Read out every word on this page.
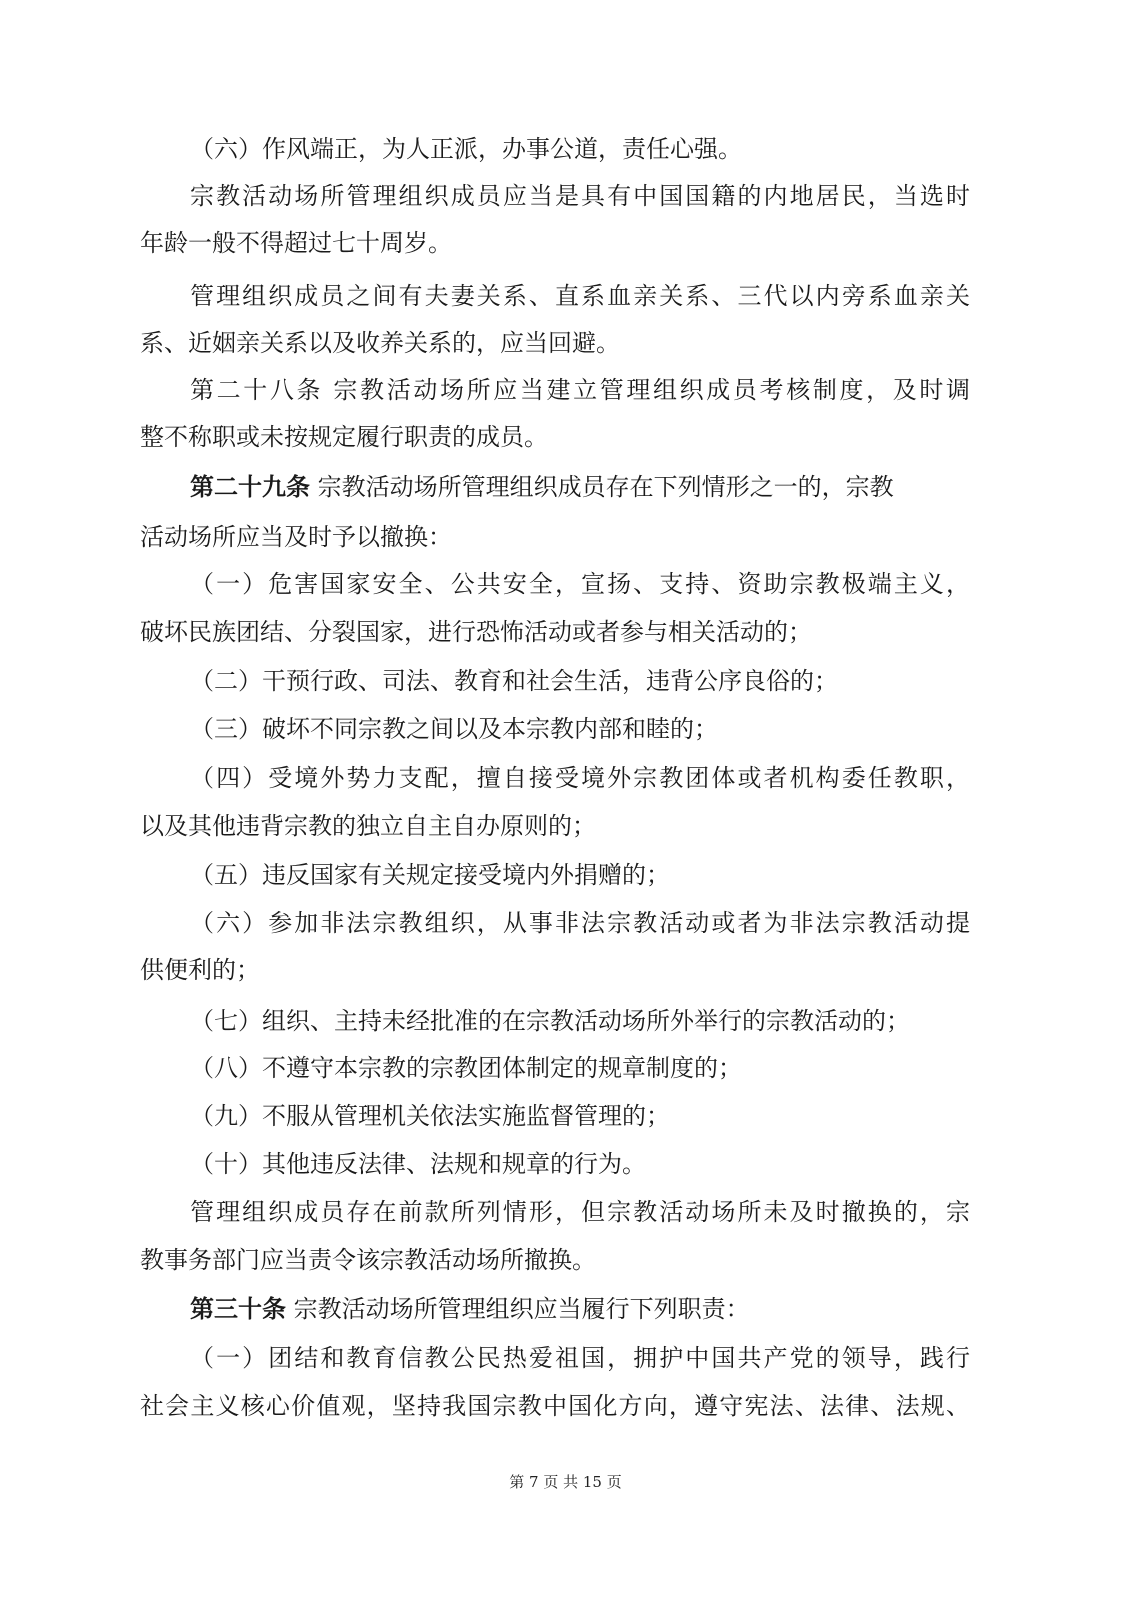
（六）作风端正，为人正派，办事公道，责任心强。
宗教活动场所管理组织成员应当是具有中国国籍的内地居民，当选时
年龄一般不得超过七十周岁。
管理组织成员之间有夫妻关系、直系血亲关系、三代以内旁系血亲关
系、近姻亲关系以及收养关系的，应当回避。
第二十八条 宗教活动场所应当建立管理组织成员考核制度，及时调
整不称职或未按规定履行职责的成员。
第二十九条 宗教活动场所管理组织成员存在下列情形之一的，宗教
活动场所应当及时予以撤换：
（一）危害国家安全、公共安全，宣扬、支持、资助宗教极端主义，
破坏民族团结、分裂国家，进行恐怖活动或者参与相关活动的；
（二）干预行政、司法、教育和社会生活，违背公序良俗的；
（三）破坏不同宗教之间以及本宗教内部和睦的；
（四）受境外势力支配，擅自接受境外宗教团体或者机构委任教职，
以及其他违背宗教的独立自主自办原则的；
（五）违反国家有关规定接受境内外捐赠的；
（六）参加非法宗教组织，从事非法宗教活动或者为非法宗教活动提
供便利的；
（七）组织、主持未经批准的在宗教活动场所外举行的宗教活动的；
（八）不遵守本宗教的宗教团体制定的规章制度的；
（九）不服从管理机关依法实施监督管理的；
（十）其他违反法律、法规和规章的行为。
管理组织成员存在前款所列情形，但宗教活动场所未及时撤换的，宗
教事务部门应当责令该宗教活动场所撤换。
第三十条 宗教活动场所管理组织应当履行下列职责：
（一）团结和教育信教公民热爱祖国，拥护中国共产党的领导，践行
社会主义核心价值观，坚持我国宗教中国化方向，遵守宪法、法律、法规、
第 7 页 共 15 页
